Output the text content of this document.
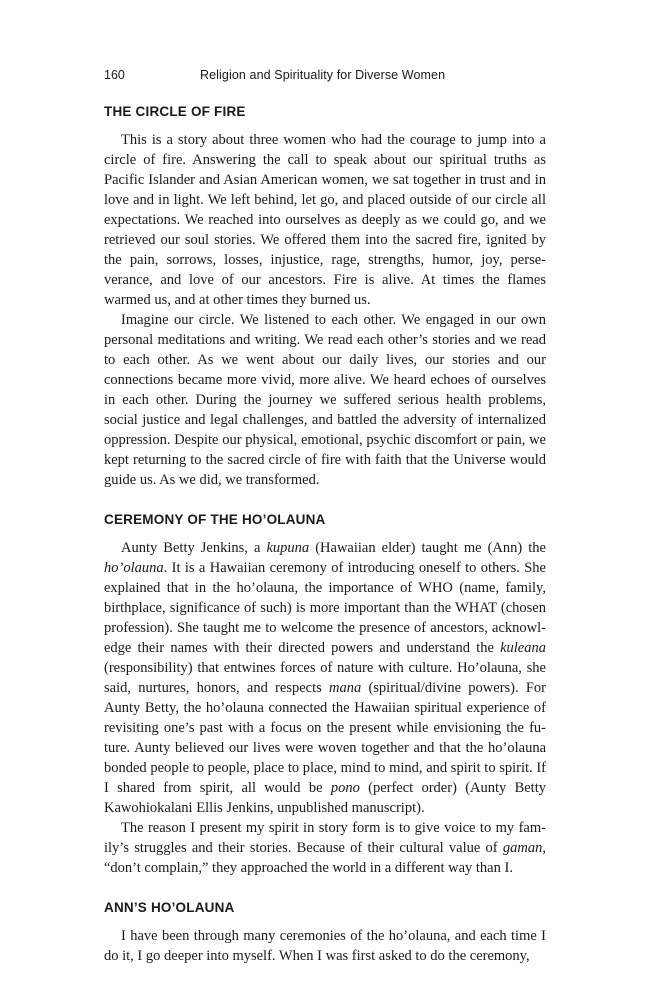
160	Religion and Spirituality for Diverse Women
THE CIRCLE OF FIRE

This is a story about three women who had the courage to jump into a circle of fire. Answering the call to speak about our spiritual truths as Pacific Islander and Asian American women, we sat together in trust and in love and in light. We left behind, let go, and placed outside of our circle all expectations. We reached into ourselves as deeply as we could go, and we retrieved our soul stories. We offered them into the sacred fire, ignited by the pain, sorrows, losses, injustice, rage, strengths, humor, joy, perseverance, and love of our ancestors. Fire is alive. At times the flames warmed us, and at other times they burned us.

Imagine our circle. We listened to each other. We engaged in our own personal meditations and writing. We read each other’s stories and we read to each other. As we went about our daily lives, our stories and our connections became more vivid, more alive. We heard echoes of ourselves in each other. During the journey we suffered serious health problems, social justice and legal challenges, and battled the adversity of internalized oppression. Despite our physical, emotional, psychic discomfort or pain, we kept returning to the sacred circle of fire with faith that the Universe would guide us. As we did, we transformed.

CEREMONY OF THE HO’OLAUNA

Aunty Betty Jenkins, a kupuna (Hawaiian elder) taught me (Ann) the ho’olauna. It is a Hawaiian ceremony of introducing oneself to others. She explained that in the ho’olauna, the importance of WHO (name, family, birthplace, significance of such) is more important than the WHAT (chosen profession). She taught me to welcome the presence of ancestors, acknowledge their names with their directed powers and understand the kuleana (responsibility) that entwines forces of nature with culture. Ho’olauna, she said, nurtures, honors, and respects mana (spiritual/divine powers). For Aunty Betty, the ho’olauna connected the Hawaiian spiritual experience of revisiting one’s past with a focus on the present while envisioning the future. Aunty believed our lives were woven together and that the ho’olauna bonded people to people, place to place, mind to mind, and spirit to spirit. If I shared from spirit, all would be pono (perfect order) (Aunty Betty Kawohiokalani Ellis Jenkins, unpublished manuscript).

The reason I present my spirit in story form is to give voice to my family’s struggles and their stories. Because of their cultural value of gaman, “don’t complain,” they approached the world in a different way than I.

ANN’S HO’OLAUNA

I have been through many ceremonies of the ho’olauna, and each time I do it, I go deeper into myself. When I was first asked to do the ceremony,
